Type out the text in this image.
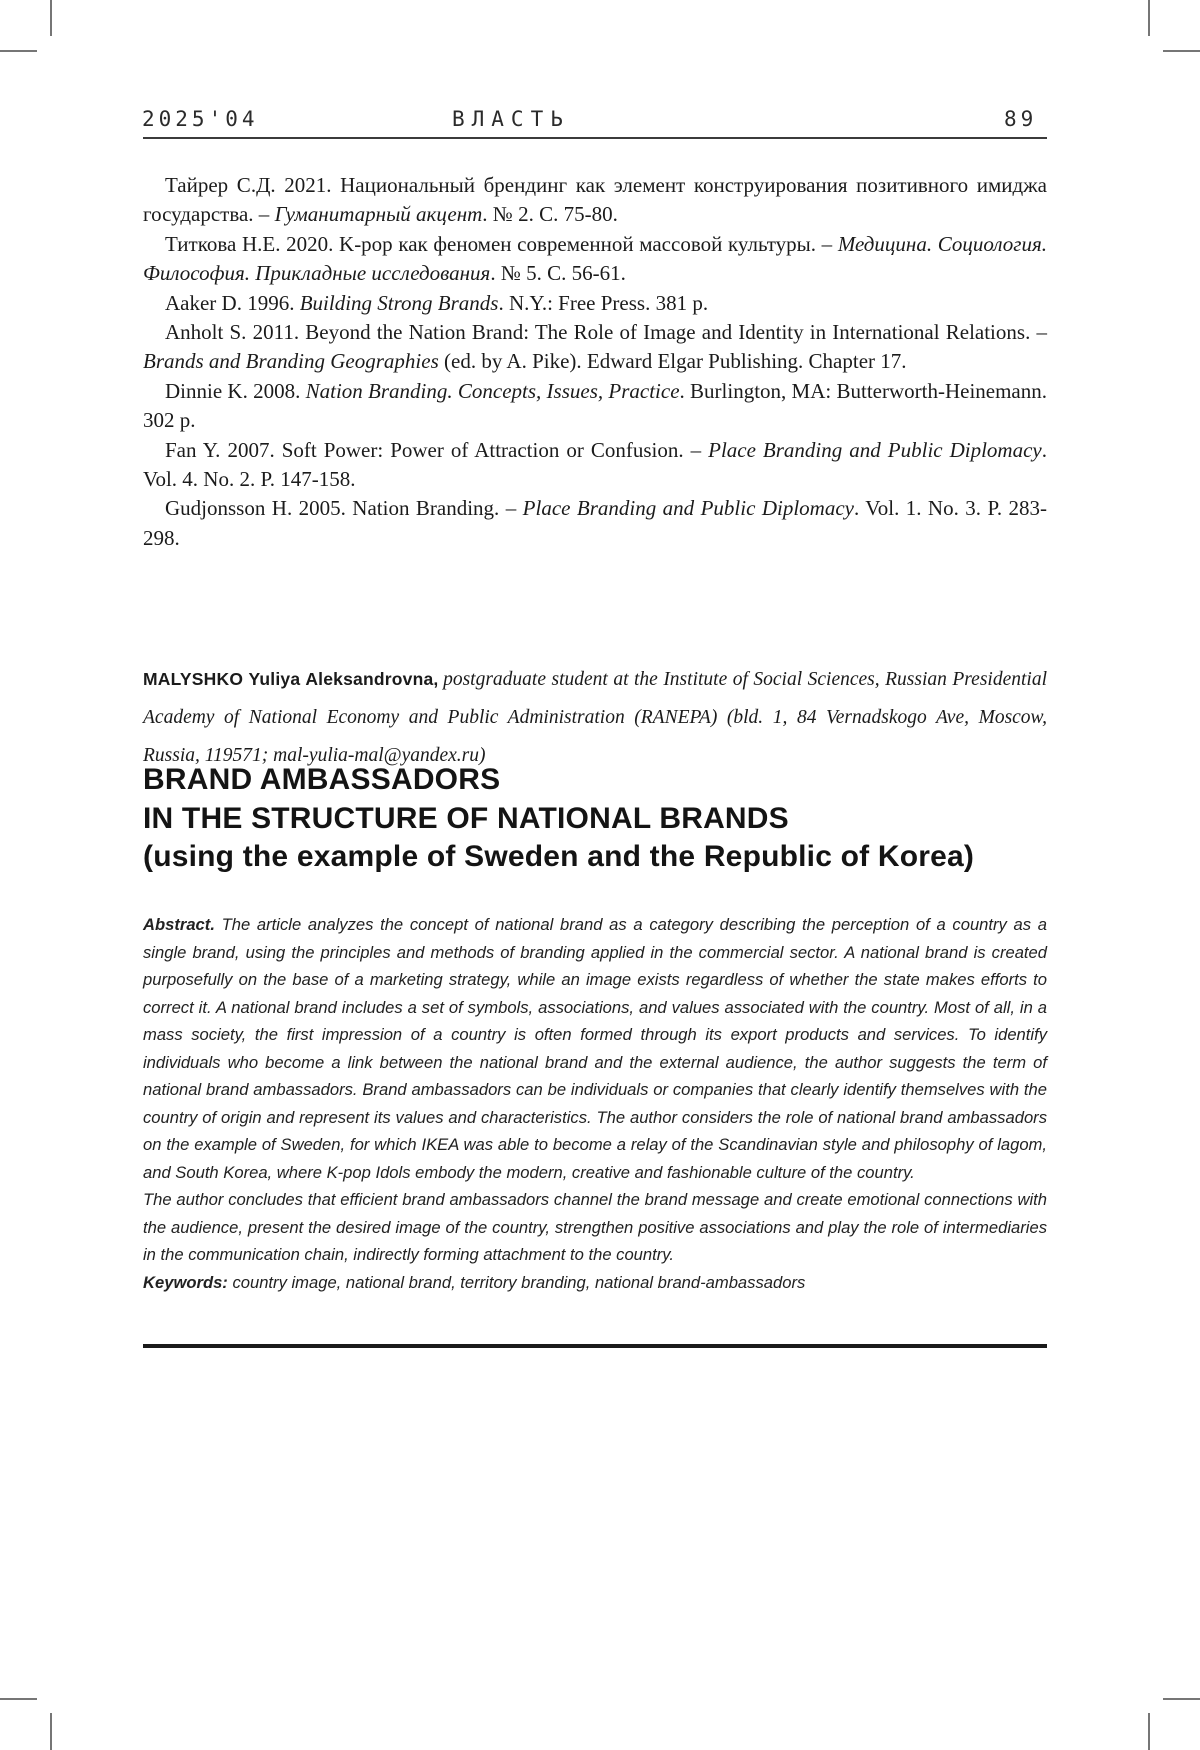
2025'04	ВЛАСТЬ	89

Тайрер С.Д. 2021. Национальный брендинг как элемент конструирования позитивного имиджа государства. – Гуманитарный акцент. № 2. С. 75-80.

Титкова Н.Е. 2020. K-pop как феномен современной массовой культуры. – Медицина. Социология. Философия. Прикладные исследования. № 5. С. 56-61.

Aaker D. 1996. Building Strong Brands. N.Y.: Free Press. 381 p.

Anholt S. 2011. Beyond the Nation Brand: The Role of Image and Identity in International Relations. – Brands and Branding Geographies (ed. by A. Pike). Edward Elgar Publishing. Chapter 17.

Dinnie K. 2008. Nation Branding. Concepts, Issues, Practice. Burlington, MA: Butterworth-Heinemann. 302 p.

Fan Y. 2007. Soft Power: Power of Attraction or Confusion. – Place Branding and Public Diplomacy. Vol. 4. No. 2. P. 147-158.

Gudjonsson H. 2005. Nation Branding. – Place Branding and Public Diplomacy. Vol. 1. No. 3. P. 283-298.

MALYSHKO Yuliya Aleksandrovna, postgraduate student at the Institute of Social Sciences, Russian Presidential Academy of National Economy and Public Administration (RANEPA) (bld. 1, 84 Vernadskogo Ave, Moscow, Russia, 119571; mal-yulia-mal@yandex.ru)

BRAND AMBASSADORS
IN THE STRUCTURE OF NATIONAL BRANDS
(using the example of Sweden and the Republic of Korea)

Abstract. The article analyzes the concept of national brand as a category describing the perception of a country as a single brand, using the principles and methods of branding applied in the commercial sector. A national brand is created purposefully on the base of a marketing strategy, while an image exists regardless of whether the state makes efforts to correct it. A national brand includes a set of symbols, associations, and values associated with the country. Most of all, in a mass society, the first impression of a country is often formed through its export products and services. To identify individuals who become a link between the national brand and the external audience, the author suggests the term of national brand ambassadors. Brand ambassadors can be individuals or companies that clearly identify themselves with the country of origin and represent its values and characteristics. The author considers the role of national brand ambassadors on the example of Sweden, for which IKEA was able to become a relay of the Scandinavian style and philosophy of lagom, and South Korea, where K-pop Idols embody the modern, creative and fashionable culture of the country.

The author concludes that efficient brand ambassadors channel the brand message and create emotional connections with the audience, present the desired image of the country, strengthen positive associations and play the role of intermediaries in the communication chain, indirectly forming attachment to the country.

Keywords: country image, national brand, territory branding, national brand-ambassadors
